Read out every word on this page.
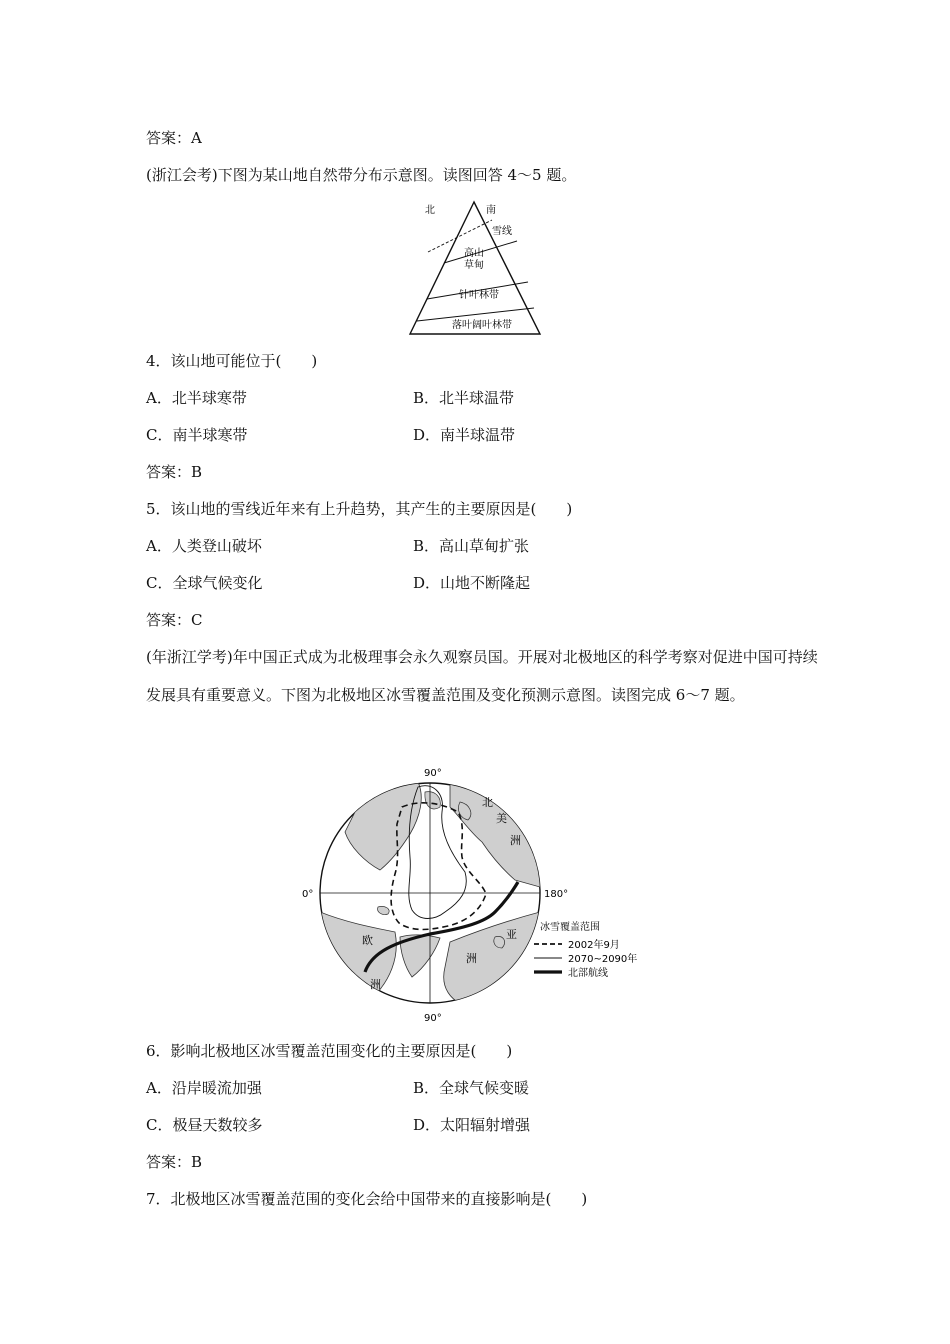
答案：A
(浙江会考)下图为某山地自然带分布示意图。读图回答 4～5 题。
北	南
雪线
高山
草甸
针叶林带
落叶阔叶林带
4．该山地可能位于(　　)
A．北半球寒带	B．北半球温带
C．南半球寒带	D．南半球温带
答案：B
5．该山地的雪线近年来有上升趋势，其产生的主要原因是(　　)
A．人类登山破坏	B．高山草甸扩张
C．全球气候变化	D．山地不断隆起
答案：C
(年浙江学考)年中国正式成为北极理事会永久观察员国。开展对北极地区的科学考察对促进中国可持续发展具有重要意义。下图为北极地区冰雪覆盖范围及变化预测示意图。读图完成 6～7 题。
90°
90°
0°	180°
北
美
洲
欧
洲
亚
洲
冰雪覆盖范围
2002年9月
2070~2090年
北部航线
6．影响北极地区冰雪覆盖范围变化的主要原因是(　　)
A．沿岸暖流加强	B．全球气候变暖
C．极昼天数较多	D．太阳辐射增强
答案：B
7．北极地区冰雪覆盖范围的变化会给中国带来的直接影响是(　　)
